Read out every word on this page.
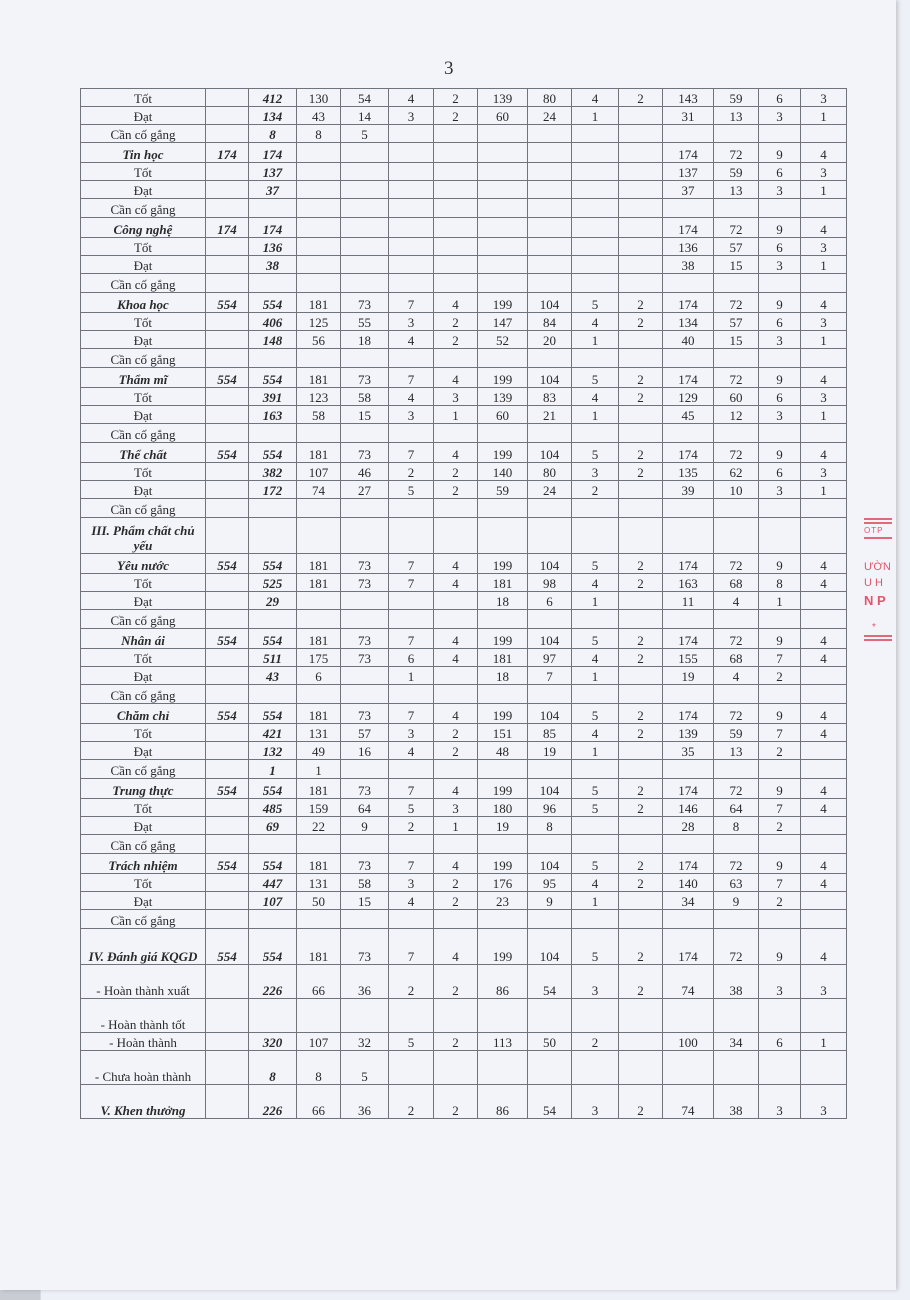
3
Tốt		412	130	54	4	2	139	80	4	2	143	59	6	3
Đạt		134	43	14	3	2	60	24	1		31	13	3	1
Cần cố gắng		8	8	5										
Tin học	174	174									174	72	9	4
Tốt		137									137	59	6	3
Đạt		37									37	13	3	1
Cần cố gắng														
Công nghệ	174	174									174	72	9	4
Tốt		136									136	57	6	3
Đạt		38									38	15	3	1
Cần cố gắng														
Khoa học	554	554	181	73	7	4	199	104	5	2	174	72	9	4
Tốt		406	125	55	3	2	147	84	4	2	134	57	6	3
Đạt		148	56	18	4	2	52	20	1		40	15	3	1
Cần cố gắng														
Thẩm mĩ	554	554	181	73	7	4	199	104	5	2	174	72	9	4
Tốt		391	123	58	4	3	139	83	4	2	129	60	6	3
Đạt		163	58	15	3	1	60	21	1		45	12	3	1
Cần cố gắng														
Thể chất	554	554	181	73	7	4	199	104	5	2	174	72	9	4
Tốt		382	107	46	2	2	140	80	3	2	135	62	6	3
Đạt		172	74	27	5	2	59	24	2		39	10	3	1
Cần cố gắng														
III. Phẩm chất chủ yếu														
Yêu nước	554	554	181	73	7	4	199	104	5	2	174	72	9	4
Tốt		525	181	73	7	4	181	98	4	2	163	68	8	4
Đạt		29					18	6	1		11	4	1	
Cần cố gắng														
Nhân ái	554	554	181	73	7	4	199	104	5	2	174	72	9	4
Tốt		511	175	73	6	4	181	97	4	2	155	68	7	4
Đạt		43	6		1		18	7	1		19	4	2	
Cần cố gắng														
Chăm chỉ	554	554	181	73	7	4	199	104	5	2	174	72	9	4
Tốt		421	131	57	3	2	151	85	4	2	139	59	7	4
Đạt		132	49	16	4	2	48	19	1		35	13	2	
Cần cố gắng		1	1											
Trung thực	554	554	181	73	7	4	199	104	5	2	174	72	9	4
Tốt		485	159	64	5	3	180	96	5	2	146	64	7	4
Đạt		69	22	9	2	1	19	8			28	8	2	
Cần cố gắng														
Trách nhiệm	554	554	181	73	7	4	199	104	5	2	174	72	9	4
Tốt		447	131	58	3	2	176	95	4	2	140	63	7	4
Đạt		107	50	15	4	2	23	9	1		34	9	2	
Cần cố gắng														
IV. Đánh giá KQGD	554	554	181	73	7	4	199	104	5	2	174	72	9	4
- Hoàn thành xuất		226	66	36	2	2	86	54	3	2	74	38	3	3
- Hoàn thành tốt														
- Hoàn thành		320	107	32	5	2	113	50	2		100	34	6	1
- Chưa hoàn thành		8	8	5										
V. Khen thưởng		226	66	36	2	2	86	54	3	2	74	38	3	3
OTP
ƯỜN
U H
N P
*
